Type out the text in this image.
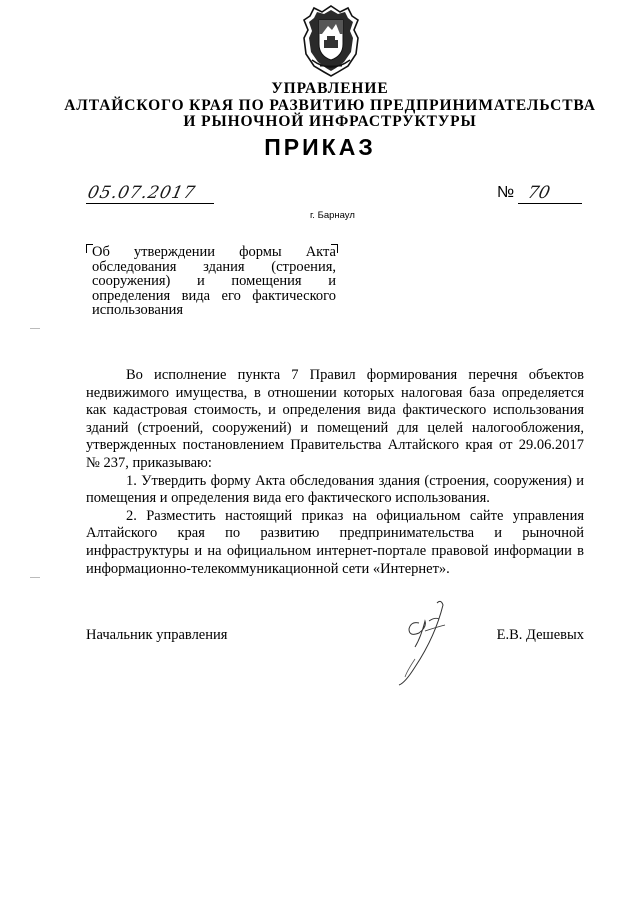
УПРАВЛЕНИЕ
АЛТАЙСКОГО КРАЯ ПО РАЗВИТИЮ ПРЕДПРИНИМАТЕЛЬСТВА
И РЫНОЧНОЙ ИНФРАСТРУКТУРЫ
ПРИКАЗ
05.07.2017	№ 70
г. Барнаул
Об утверждении формы Акта
обследования здания (строения,
сооружения) и помещения и
определения вида его фактического
использования

Во исполнение пункта 7 Правил формирования перечня объектов недвижимого имущества, в отношении которых налоговая база определяется как кадастровая стоимость, и определения вида фактического использования зданий (строений, сооружений) и помещений для целей налогообложения, утвержденных постановлением Правительства Алтайского края от 29.06.2017 № 237, приказываю:

1. Утвердить форму Акта обследования здания (строения, сооружения) и помещения и определения вида его фактического использования.

2. Разместить настоящий приказ на официальном сайте управления Алтайского края по развитию предпринимательства и рыночной инфраструктуры и на официальном интернет-портале правовой информации в информационно-телекоммуникационной сети «Интернет».

Начальник управления	Е.В. Дешевых
